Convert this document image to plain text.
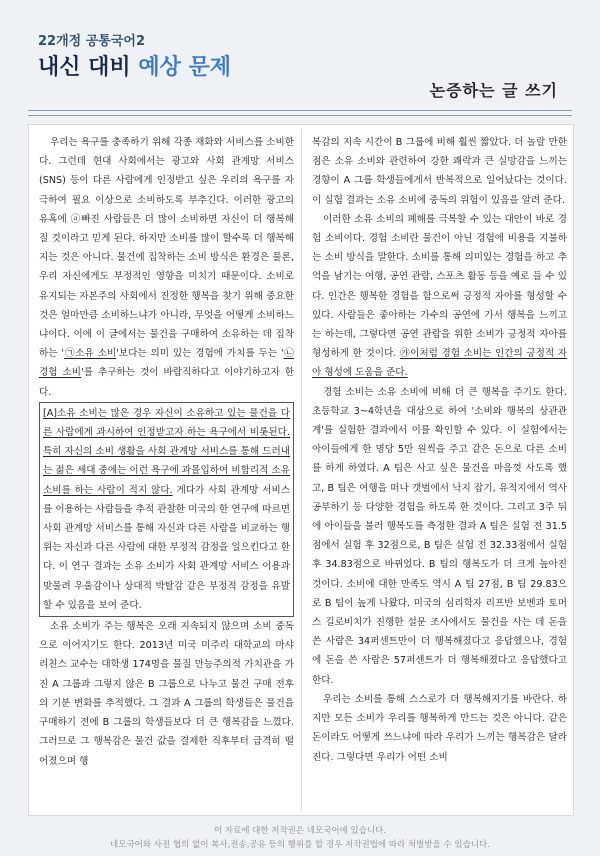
22개정 공통국어2
내신 대비 예상 문제
논증하는 글 쓰기

우리는 욕구를 충족하기 위해 각종 재화와 서비스를 소비한다. 그런데 현대 사회에서는 광고와 사회 관계망 서비스(SNS) 등이 다른 사람에게 인정받고 싶은 우리의 욕구를 자극하여 필요 이상으로 소비하도록 부추긴다. 이러한 광고의 유혹에 ⓐ빠진 사람들은 더 많이 소비하면 자신이 더 행복해질 것이라고 믿게 된다. 하지만 소비를 많이 할수록 더 행복해지는 것은 아니다. 물건에 집착하는 소비 방식은 환경은 물론, 우리 자신에게도 부정적인 영향을 미치기 때문이다. 소비로 유지되는 자본주의 사회에서 진정한 행복을 찾기 위해 중요한 것은 얼마만큼 소비하느냐가 아니라, 무엇을 어떻게 소비하느냐이다. 이에 이 글에서는 물건을 구매하여 소유하는 데 집착하는 '㉠소유 소비'보다는 의미 있는 경험에 가치를 두는 '㉡경험 소비'를 추구하는 것이 바람직하다고 이야기하고자 한다.

[A]소유 소비는 많은 경우 자신이 소유하고 있는 물건을 다른 사람에게 과시하여 인정받고자 하는 욕구에서 비롯된다. 특히 자신의 소비 생활을 사회 관계망 서비스를 통해 드러내는 젊은 세대 중에는 이런 욕구에 과몰입하여 비합리적 소유 소비를 하는 사람이 적지 않다. 게다가 사회 관계망 서비스를 이용하는 사람들을 추적 관찰한 미국의 한 연구에 따르면 사회 관계망 서비스를 통해 자신과 다른 사람을 비교하는 행위는 자신과 다른 사람에 대한 부정적 감정을 일으킨다고 한다. 이 연구 결과는 소유 소비가 사회 관계망 서비스 이용과 맞물려 우울감이나 상대적 박탈감 같은 부정적 감정을 유발할 수 있음을 보여 준다.

소유 소비가 주는 행복은 오래 지속되지 않으며 소비 중독으로 이어지기도 한다. 2013년 미국 미주리 대학교의 마샤 리친스 교수는 대학생 174명을 물질 만능주의적 가치관을 가진 A 그룹과 그렇지 않은 B 그룹으로 나누고 물건 구매 전후의 기분 변화를 추적했다. 그 결과 A 그룹의 학생들은 물건을 구매하기 전에 B 그룹의 학생들보다 더 큰 행복감을 느꼈다. 그러므로 그 행복감은 물건 값을 결제한 직후부터 급격히 떨어졌으며 행

복감의 지속 시간이 B 그룹에 비해 훨씬 짧았다. 더 놀랄 만한 점은 소유 소비와 관련하여 강한 쾌락과 큰 실망감을 느끼는 경향이 A 그룹 학생들에게서 반복적으로 일어났다는 것이다. 이 실험 결과는 소유 소비에 중독의 위험이 있음을 알려 준다.

이러한 소유 소비의 폐해를 극복할 수 있는 대안이 바로 경험 소비이다. 경험 소비란 물건이 아닌 경험에 비용을 지불하는 소비 방식을 말한다. 소비를 통해 의미있는 경험을 하고 추억을 남기는 여행, 공연 관람, 스포츠 활동 등을 예로 들 수 있다. 인간은 행복한 경험을 함으로써 긍정적 자아를 형성할 수 있다. 사람들은 좋아하는 가수의 공연에 가서 행복을 느끼고는 하는데, 그렇다면 공연 관람을 위한 소비가 긍정적 자아를 형성하게 한 것이다. ㉮이처럼 경험 소비는 인간의 긍정적 자아 형성에 도움을 준다.

경험 소비는 소유 소비에 비해 더 큰 행복을 주기도 한다. 초등학교 3~4학년을 대상으로 하여 '소비와 행복의 상관관계'를 실험한 결과에서 이를 확인할 수 있다. 이 실험에서는 아이들에게 한 명당 5만 원씩을 주고 같은 돈으로 다른 소비를 하게 하였다. A 팀은 사고 싶은 물건을 마음껏 사도록 했고, B 팀은 여행을 떠나 갯벌에서 낙지 잡기, 유적지에서 역사 공부하기 등 다양한 경험을 하도록 한 것이다. 그리고 3주 뒤에 아이들을 불러 행복도를 측정한 결과 A 팀은 실험 전 31.5점에서 실험 후 32점으로, B 팀은 실험 전 32.33점에서 실험 후 34.83점으로 바뀌었다. B 팀의 행복도가 더 크게 높아진 것이다. 소비에 대한 만족도 역시 A 팀 27점, B 팀 29.83으로 B 팀이 높게 나왔다. 미국의 심리학자 리프반 보벤과 토머스 길로비치가 진행한 설문 조사에서도 물건을 사는 데 돈을 쓴 사람은 34퍼센트만이 더 행복해졌다고 응답했으나, 경험에 돈을 쓴 사람은 57퍼센트가 더 행복해졌다고 응답했다고 한다.

우리는 소비를 통해 스스로가 더 행복해지기를 바란다. 하지만 모든 소비가 우리를 행복하게 만드는 것은 아니다. 같은 돈이라도 어떻게 쓰느냐에 따라 우리가 느끼는 행복감은 달라진다. 그렇다면 우리가 어떤 소비

이 자료에 대한 저작권은 네모국어에 있습니다.
네모국어와 사전 협의 없이 복사,전송,공유 등의 행위를 할 경우 저작권법에 따라 처벌받을 수 있습니다.
